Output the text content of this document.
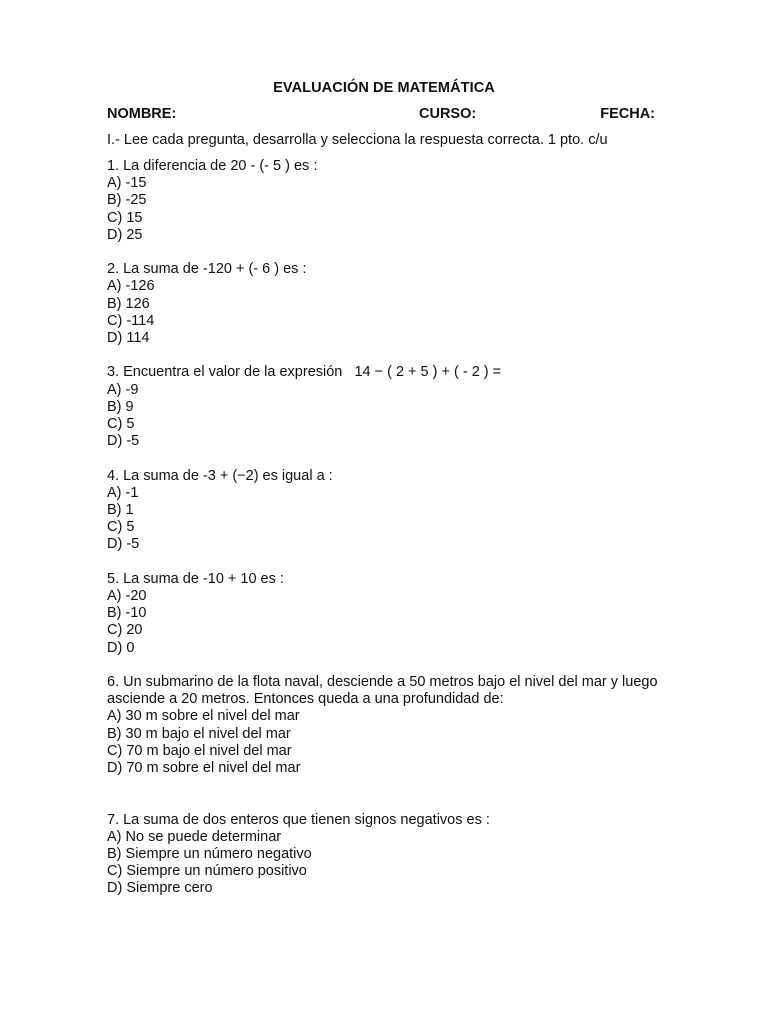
EVALUACIÓN DE MATEMÁTICA
NOMBRE:	CURSO:	FECHA:
I.- Lee cada pregunta, desarrolla y selecciona la respuesta correcta. 1 pto. c/u
1. La diferencia de 20 - (- 5 ) es :
A) -15
B) -25
C) 15
D) 25
2. La suma de -120 + (- 6 ) es :
A) -126
B) 126
C) -114
D) 114
3. Encuentra el valor de la expresión   14 − ( 2 + 5 ) + ( - 2 ) =
A) -9
B) 9
C) 5
D) -5
4. La suma de -3 + (−2) es igual a :
A) -1
B) 1
C) 5
D) -5
5. La suma de -10 + 10 es :
A) -20
B) -10
C) 20
D) 0
6. Un submarino de la flota naval, desciende a 50 metros bajo el nivel del mar y luego asciende a 20 metros. Entonces queda a una profundidad de:
A) 30 m sobre el nivel del mar
B) 30 m bajo el nivel del mar
C) 70 m bajo el nivel del mar
D) 70 m sobre el nivel del mar
7. La suma de dos enteros que tienen signos negativos es :
A) No se puede determinar
B) Siempre un número negativo
C) Siempre un número positivo
D) Siempre cero
